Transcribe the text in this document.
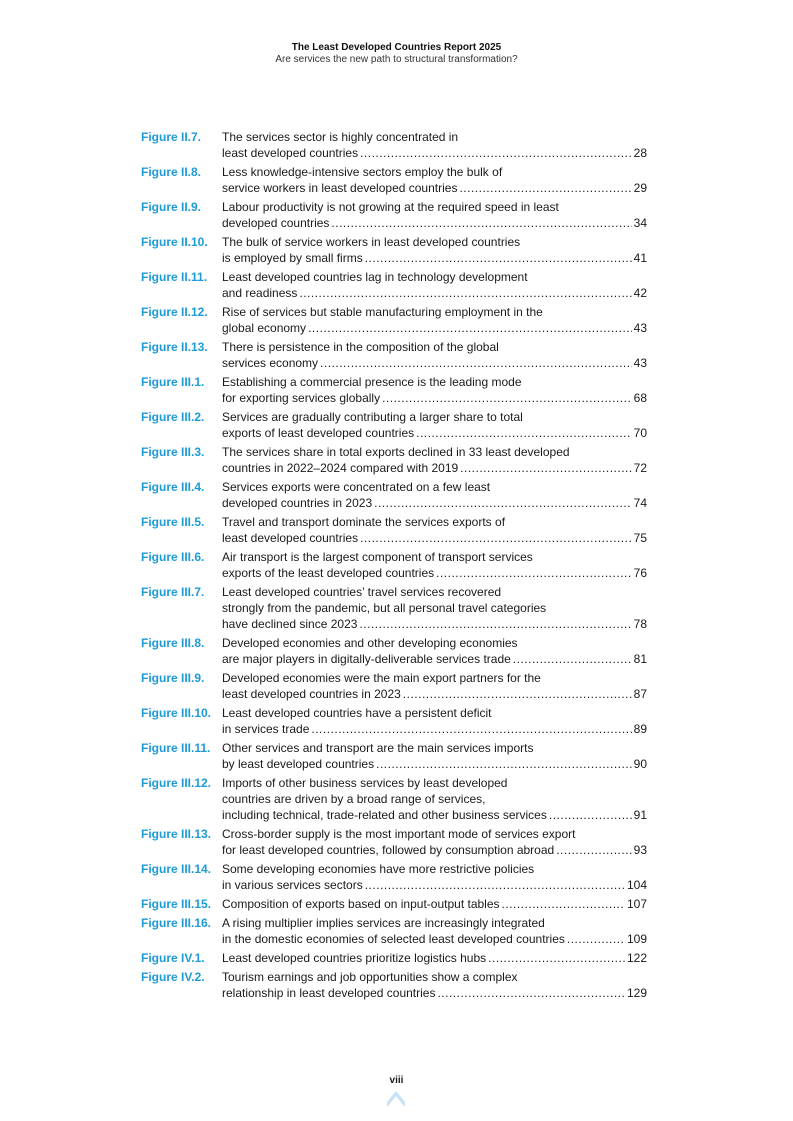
The Least Developed Countries Report 2025
Are services the new path to structural transformation?
Figure II.7. The services sector is highly concentrated in
least developed countries .....	28
Figure II.8. Less knowledge-intensive sectors employ the bulk of
service workers in least developed countries .....	29
Figure II.9. Labour productivity is not growing at the required speed in least
developed countries .....	34
Figure II.10. The bulk of service workers in least developed countries
is employed by small firms .....	41
Figure II.11. Least developed countries lag in technology development
and readiness .....	42
Figure II.12. Rise of services but stable manufacturing employment in the
global economy .....	43
Figure II.13. There is persistence in the composition of the global
services economy .....	43
Figure III.1. Establishing a commercial presence is the leading mode
for exporting services globally .....	68
Figure III.2. Services are gradually contributing a larger share to total
exports of least developed countries .....	70
Figure III.3. The services share in total exports declined in 33 least developed
countries in 2022–2024 compared with 2019 .....	72
Figure III.4. Services exports were concentrated on a few least
developed countries in 2023 .....	74
Figure III.5. Travel and transport dominate the services exports of
least developed countries .....	75
Figure III.6. Air transport is the largest component of transport services
exports of the least developed countries .....	76
Figure III.7. Least developed countries’ travel services recovered
strongly from the pandemic, but all personal travel categories
have declined since 2023 .....	78
Figure III.8. Developed economies and other developing economies
are major players in digitally-deliverable services trade .....	81
Figure III.9. Developed economies were the main export partners for the
least developed countries in 2023 .....	87
Figure III.10. Least developed countries have a persistent deficit
in services trade .....	89
Figure III.11. Other services and transport are the main services imports
by least developed countries .....	90
Figure III.12. Imports of other business services by least developed
countries are driven by a broad range of services,
including technical, trade-related and other business services .....	91
Figure III.13. Cross-border supply is the most important mode of services export
for least developed countries, followed by consumption abroad .....	93
Figure III.14. Some developing economies have more restrictive policies
in various services sectors .....	104
Figure III.15. Composition of exports based on input-output tables .....	107
Figure III.16. A rising multiplier implies services are increasingly integrated
in the domestic economies of selected least developed countries .....	109
Figure IV.1. Least developed countries prioritize logistics hubs .....	122
Figure IV.2. Tourism earnings and job opportunities show a complex
relationship in least developed countries .....	129
viii
